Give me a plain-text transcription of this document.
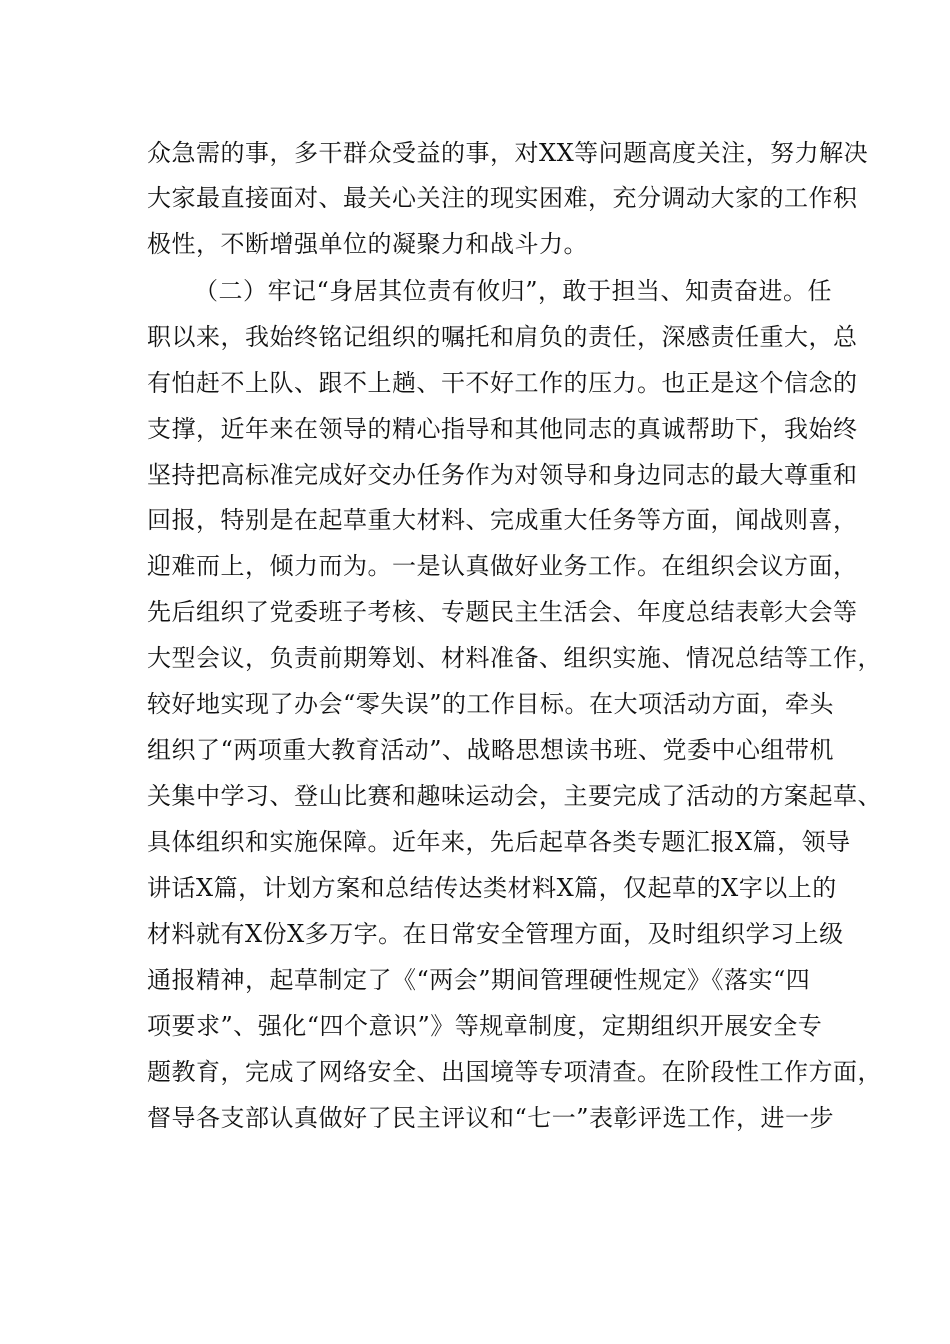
众急需的事，多干群众受益的事，对XX等问题高度关注，努力解决
大家最直接面对、最关心关注的现实困难，充分调动大家的工作积
极性，不断增强单位的凝聚力和战斗力。
（二）牢记“身居其位责有攸归”，敢于担当、知责奋进。任
职以来，我始终铭记组织的嘱托和肩负的责任，深感责任重大，总
有怕赶不上队、跟不上趟、干不好工作的压力。也正是这个信念的
支撑，近年来在领导的精心指导和其他同志的真诚帮助下，我始终
坚持把高标准完成好交办任务作为对领导和身边同志的最大尊重和
回报，特别是在起草重大材料、完成重大任务等方面，闻战则喜，
迎难而上，倾力而为。一是认真做好业务工作。在组织会议方面，
先后组织了党委班子考核、专题民主生活会、年度总结表彰大会等
大型会议，负责前期筹划、材料准备、组织实施、情况总结等工作，
较好地实现了办会“零失误”的工作目标。在大项活动方面，牵头
组织了“两项重大教育活动”、战略思想读书班、党委中心组带机
关集中学习、登山比赛和趣味运动会，主要完成了活动的方案起草、
具体组织和实施保障。近年来，先后起草各类专题汇报X篇，领导
讲话X篇，计划方案和总结传达类材料X篇，仅起草的X字以上的
材料就有X份X多万字。在日常安全管理方面，及时组织学习上级
通报精神，起草制定了《“两会”期间管理硬性规定》《落实“四
项要求”、强化“四个意识”》等规章制度，定期组织开展安全专
题教育，完成了网络安全、出国境等专项清查。在阶段性工作方面，
督导各支部认真做好了民主评议和“七一”表彰评选工作，进一步
